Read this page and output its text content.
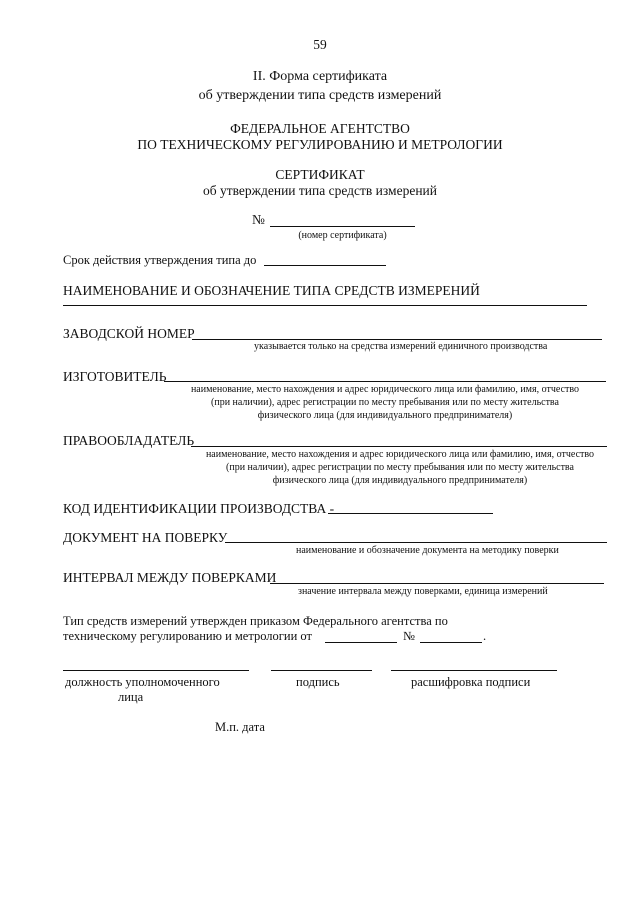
59
II. Форма сертификата
об утверждении типа средств измерений
ФЕДЕРАЛЬНОЕ АГЕНТСТВО
ПО ТЕХНИЧЕСКОМУ РЕГУЛИРОВАНИЮ И МЕТРОЛОГИИ
СЕРТИФИКАТ
об утверждении типа средств измерений
№
(номер сертификата)
Срок действия утверждения типа до
НАИМЕНОВАНИЕ И ОБОЗНАЧЕНИЕ ТИПА СРЕДСТВ ИЗМЕРЕНИЙ
ЗАВОДСКОЙ НОМЕР
указывается только на средства измерений единичного производства
ИЗГОТОВИТЕЛЬ
наименование, место нахождения и адрес юридического лица или фамилию, имя, отчество
(при наличии), адрес регистрации по месту пребывания или по месту жительства
физического лица (для индивидуального предпринимателя)
ПРАВООБЛАДАТЕЛЬ
наименование, место нахождения и адрес юридического лица или фамилию, имя, отчество
(при наличии), адрес регистрации по месту пребывания или по месту жительства
физического лица (для индивидуального предпринимателя)
КОД ИДЕНТИФИКАЦИИ ПРОИЗВОДСТВА -
ДОКУМЕНТ НА ПОВЕРКУ
наименование и обозначение документа на методику поверки
ИНТЕРВАЛ МЕЖДУ ПОВЕРКАМИ
значение интервала между поверками, единица измерений
Тип средств измерений утвержден приказом Федерального агентства по
техническому регулированию и метрологии от	№	.
должность уполномоченного
лица
подпись	расшифровка подписи
М.п. дата
